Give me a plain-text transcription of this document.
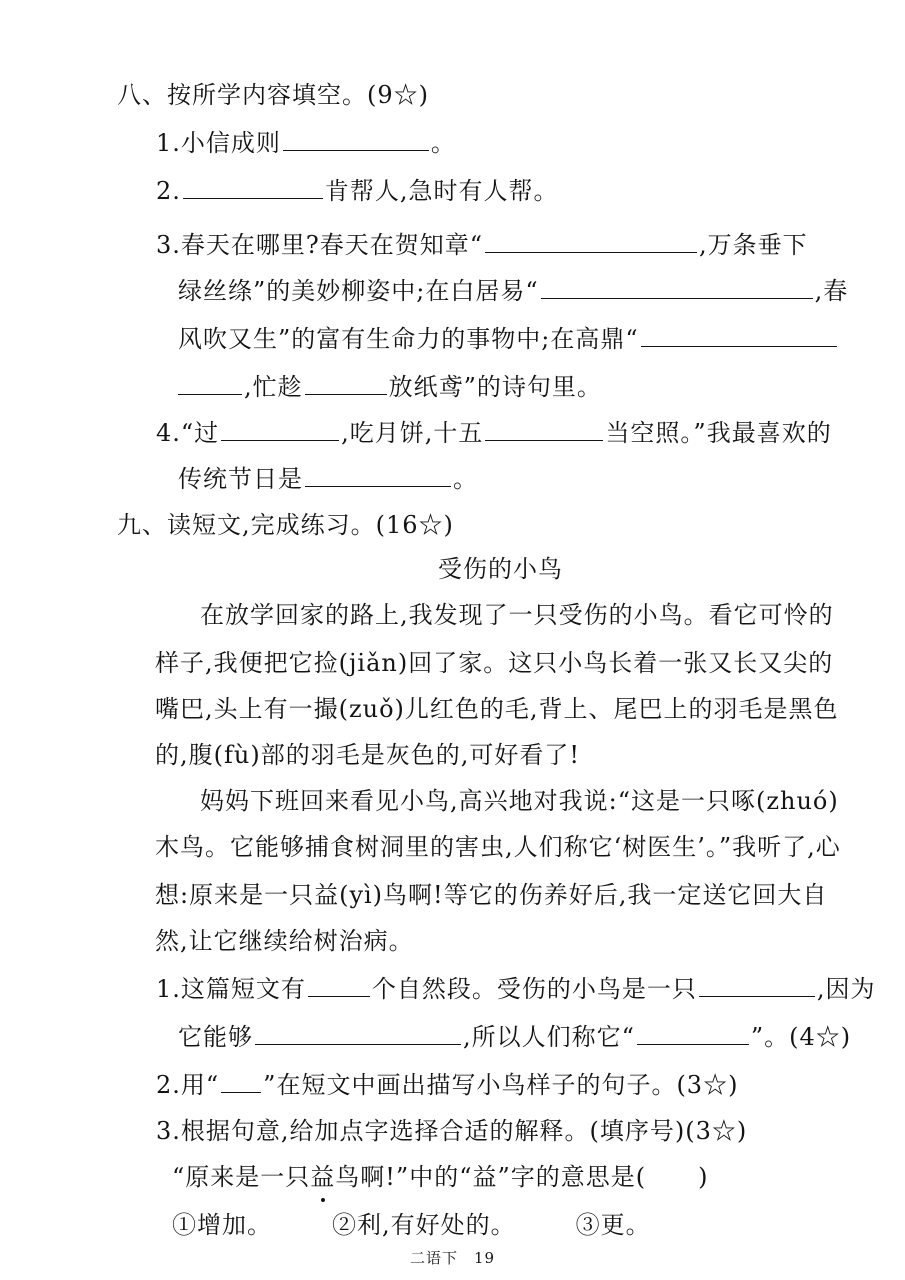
八、按所学内容填空。(9☆)
1.小信成则	。
2.	肯帮人,急时有人帮。
3.春天在哪里?春天在贺知章“	,万条垂下
绿丝绦”的美妙柳姿中;在白居易“	,春
风吹又生”的富有生命力的事物中;在高鼎“
,忙趁	放纸鸢”的诗句里。
4.“过	,吃月饼,十五	当空照。”我最喜欢的
传统节日是	。
九、读短文,完成练习。(16☆)
受伤的小鸟
在放学回家的路上,我发现了一只受伤的小鸟。看它可怜的
样子,我便把它捡(jiǎn)回了家。这只小鸟长着一张又长又尖的
嘴巴,头上有一撮(zuǒ)儿红色的毛,背上、尾巴上的羽毛是黑色
的,腹(fù)部的羽毛是灰色的,可好看了!
妈妈下班回来看见小鸟,高兴地对我说:“这是一只啄(zhuó)
木鸟。它能够捕食树洞里的害虫,人们称它‘树医生’。”我听了,心
想:原来是一只益(yì)鸟啊!等它的伤养好后,我一定送它回大自
然,让它继续给树治病。
1.这篇短文有	个自然段。受伤的小鸟是一只	,因为
它能够	,所以人们称它“	”。(4☆)
2.用“ ”在短文中画出描写小鸟样子的句子。(3☆)
3.根据句意,给加点字选择合适的解释。(填序号)(3☆)
“原来是一只益鸟啊!”中的“益”字的意思是( )
①增加。	②利,有好处的。	③更。
二语下　19
